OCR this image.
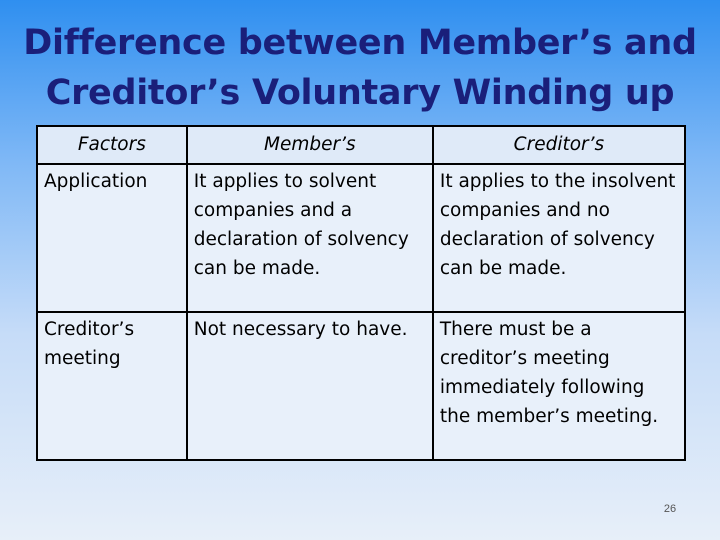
Difference between Member’s and
Creditor’s Voluntary Winding up
Factors	Member’s	Creditor’s
Application	It applies to solvent companies and a declaration of solvency can be made.	It applies to the insolvent companies and no declaration of solvency can be made.
Creditor’s meeting	Not necessary to have.	There must be a creditor’s meeting immediately following the member’s meeting.
26
